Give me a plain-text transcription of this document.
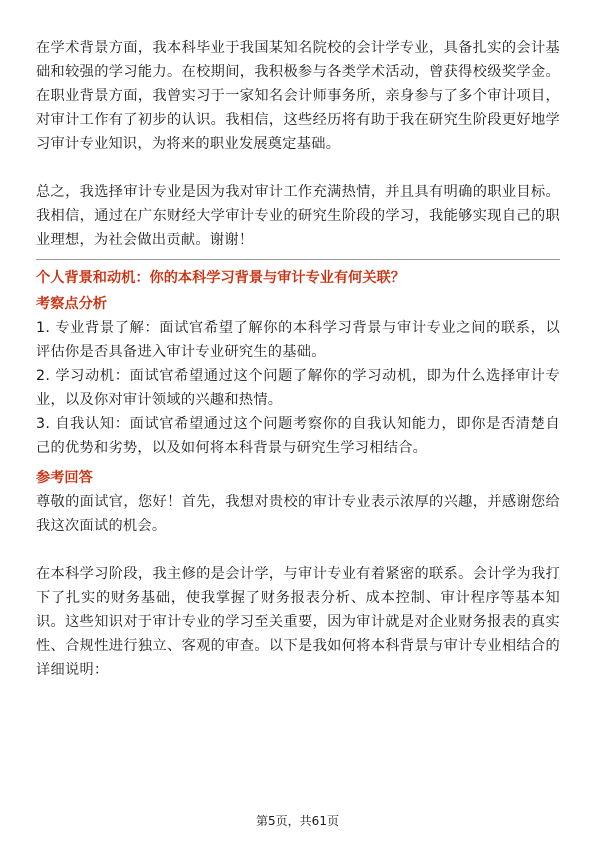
在学术背景方面，我本科毕业于我国某知名院校的会计学专业，具备扎实的会计基础和较强的学习能力。在校期间，我积极参与各类学术活动，曾获得校级奖学金。在职业背景方面，我曾实习于一家知名会计师事务所，亲身参与了多个审计项目，对审计工作有了初步的认识。我相信，这些经历将有助于我在研究生阶段更好地学习审计专业知识，为将来的职业发展奠定基础。

总之，我选择审计专业是因为我对审计工作充满热情，并且具有明确的职业目标。我相信，通过在广东财经大学审计专业的研究生阶段的学习，我能够实现自己的职业理想，为社会做出贡献。谢谢！

个人背景和动机：你的本科学习背景与审计专业有何关联？

考察点分析

1. 专业背景了解：面试官希望了解你的本科学习背景与审计专业之间的联系，以评估你是否具备进入审计专业研究生的基础。

2. 学习动机：面试官希望通过这个问题了解你的学习动机，即为什么选择审计专业，以及你对审计领域的兴趣和热情。

3. 自我认知：面试官希望通过这个问题考察你的自我认知能力，即你是否清楚自己的优势和劣势，以及如何将本科背景与研究生学习相结合。

参考回答

尊敬的面试官，您好！首先，我想对贵校的审计专业表示浓厚的兴趣，并感谢您给我这次面试的机会。

在本科学习阶段，我主修的是会计学，与审计专业有着紧密的联系。会计学为我打下了扎实的财务基础，使我掌握了财务报表分析、成本控制、审计程序等基本知识。这些知识对于审计专业的学习至关重要，因为审计就是对企业财务报表的真实性、合规性进行独立、客观的审查。以下是我如何将本科背景与审计专业相结合的详细说明：

第5页，共61页
